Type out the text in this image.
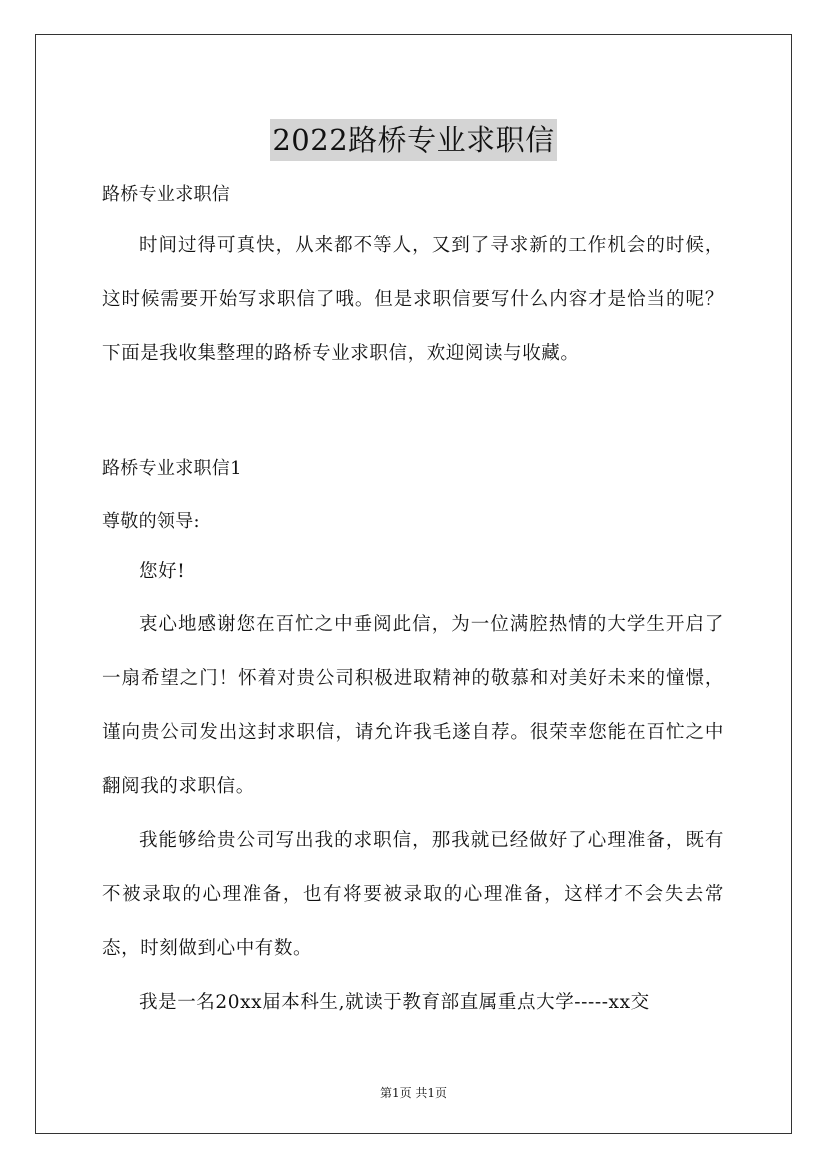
2022路桥专业求职信
路桥专业求职信

时间过得可真快，从来都不等人，又到了寻求新的工作机会的时候，这时候需要开始写求职信了哦。但是求职信要写什么内容才是恰当的呢？下面是我收集整理的路桥专业求职信，欢迎阅读与收藏。

路桥专业求职信1
尊敬的领导:

您好!

衷心地感谢您在百忙之中垂阅此信，为一位满腔热情的大学生开启了一扇希望之门！怀着对贵公司积极进取精神的敬慕和对美好未来的憧憬，谨向贵公司发出这封求职信，请允许我毛遂自荐。很荣幸您能在百忙之中翻阅我的求职信。

我能够给贵公司写出我的求职信，那我就已经做好了心理准备，既有不被录取的心理准备，也有将要被录取的心理准备，这样才不会失去常态，时刻做到心中有数。

我是一名20xx届本科生,就读于教育部直属重点大学-----xx交

第1页 共1页
